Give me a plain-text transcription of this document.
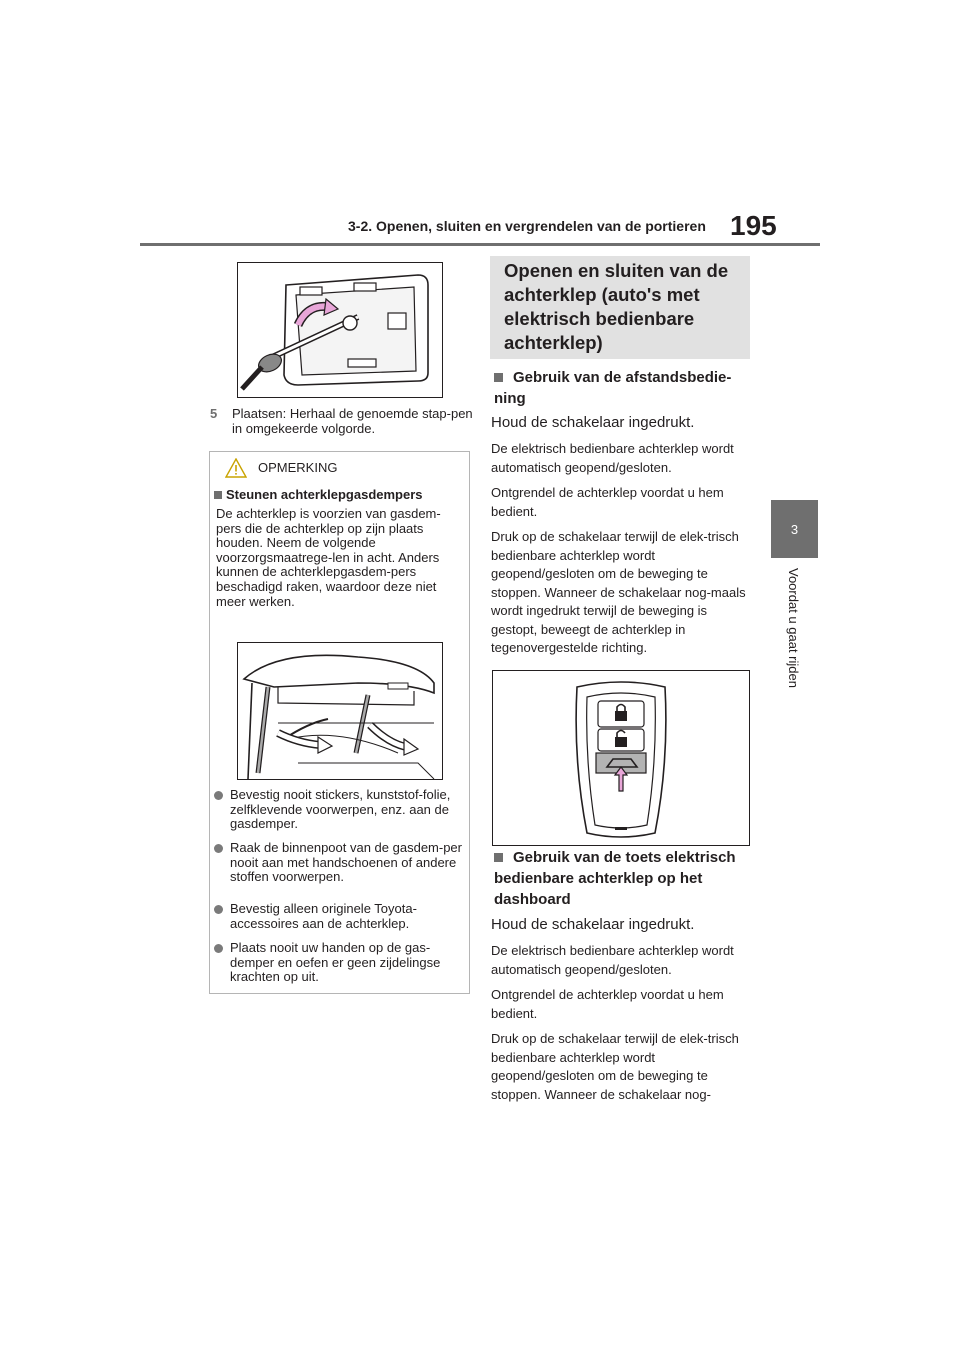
3-2. Openen, sluiten en vergrendelen van de portieren 195
3
Voordat u gaat rijden
5 Plaatsen: Herhaal de genoemde stap-pen in omgekeerde volgorde.
OPMERKING
Steunen achterklepgasdempers
De achterklep is voorzien van gasdem-pers die de achterklep op zijn plaats houden. Neem de volgende voorzorgsmaatrege-len in acht. Anders kunnen de achterklepgasdem-pers beschadigd raken, waardoor deze niet meer werken.
Bevestig nooit stickers, kunststof-folie, zelfklevende voorwerpen, enz. aan de gasdemper.
Raak de binnenpoot van de gasdem-per nooit aan met handschoenen of andere stoffen voorwerpen.
Bevestig alleen originele Toyota-accessoires aan de achterklep.
Plaats nooit uw handen op de gas-demper en oefen er geen zijdelingse krachten op uit.
Openen en sluiten van de achterklep (auto's met elektrisch bedienbare achterklep)
Gebruik van de afstandsbedie-ning
Houd de schakelaar ingedrukt.
De elektrisch bedienbare achterklep wordt automatisch geopend/gesloten.
Ontgrendel de achterklep voordat u hem bedient.
Druk op de schakelaar terwijl de elek-trisch bedienbare achterklep wordt geopend/gesloten om de beweging te stoppen. Wanneer de schakelaar nog-maals wordt ingedrukt terwijl de beweging is gestopt, beweegt de achterklep in tegenovergestelde richting.
Gebruik van de toets elektrisch bedienbare achterklep op het dashboard
Houd de schakelaar ingedrukt.
De elektrisch bedienbare achterklep wordt automatisch geopend/gesloten.
Ontgrendel de achterklep voordat u hem bedient.
Druk op de schakelaar terwijl de elek-trisch bedienbare achterklep wordt geopend/gesloten om de beweging te stoppen. Wanneer de schakelaar nog-
